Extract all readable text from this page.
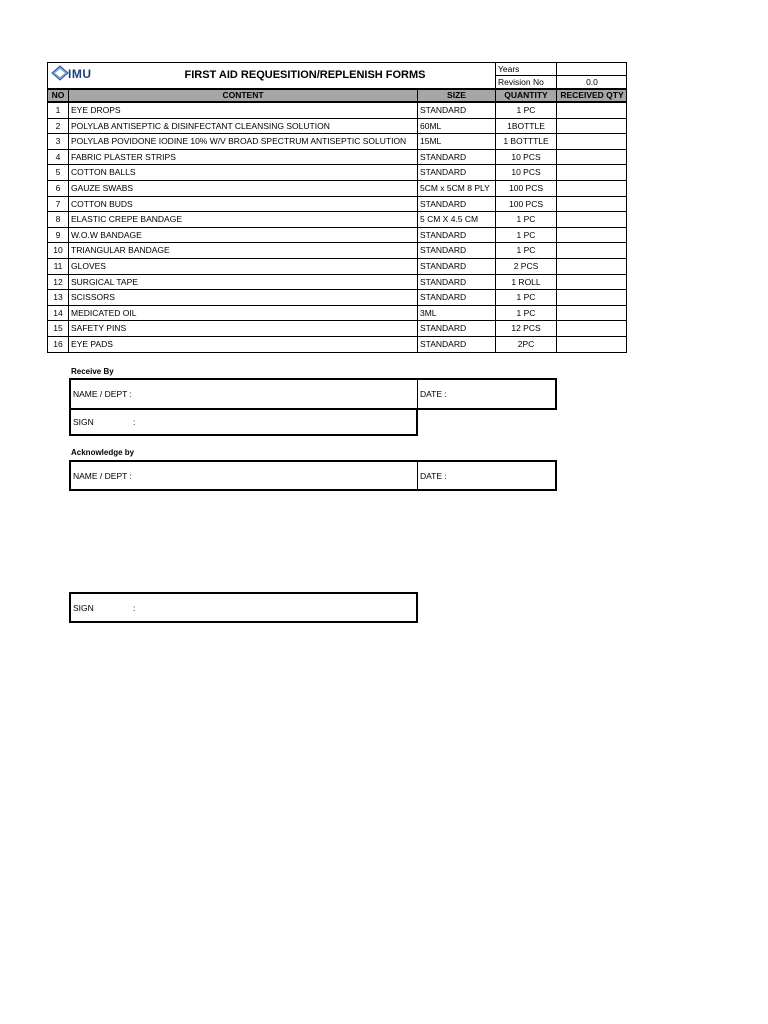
IMU	FIRST AID REQUESITION/REPLENISH FORMS	Years
Revision No	0.0
NO	CONTENT	SIZE	QUANTITY	RECEIVED QTY
1	EYE DROPS	STANDARD	1 PC
2	POLYLAB ANTISEPTIC & DISINFECTANT CLEANSING SOLUTION	60ML	1BOTTLE
3	POLYLAB POVIDONE IODINE 10% W/V BROAD SPECTRUM ANTISEPTIC SOLUTION	15ML	1 BOTTTLE
4	FABRIC PLASTER STRIPS	STANDARD	10 PCS
5	COTTON BALLS	STANDARD	10 PCS
6	GAUZE SWABS	5CM x 5CM 8 PLY	100 PCS
7	COTTON BUDS	STANDARD	100 PCS
8	ELASTIC CREPE BANDAGE	5 CM X 4.5 CM	1 PC
9	W.O.W BANDAGE	STANDARD	1 PC
10 TRIANGULAR BANDAGE	STANDARD	1 PC
11	GLOVES	STANDARD	2 PCS
12 SURGICAL TAPE	STANDARD	1 ROLL
13 SCISSORS	STANDARD	1 PC
14 MEDICATED OIL	3ML	1 PC
15 SAFETY PINS	STANDARD	12 PCS
16 EYE PADS	STANDARD	2PC
Receive By
NAME / DEPT :	DATE :
SIGN	:
Acknowledge by
NAME / DEPT :	DATE :
SIGN	:
